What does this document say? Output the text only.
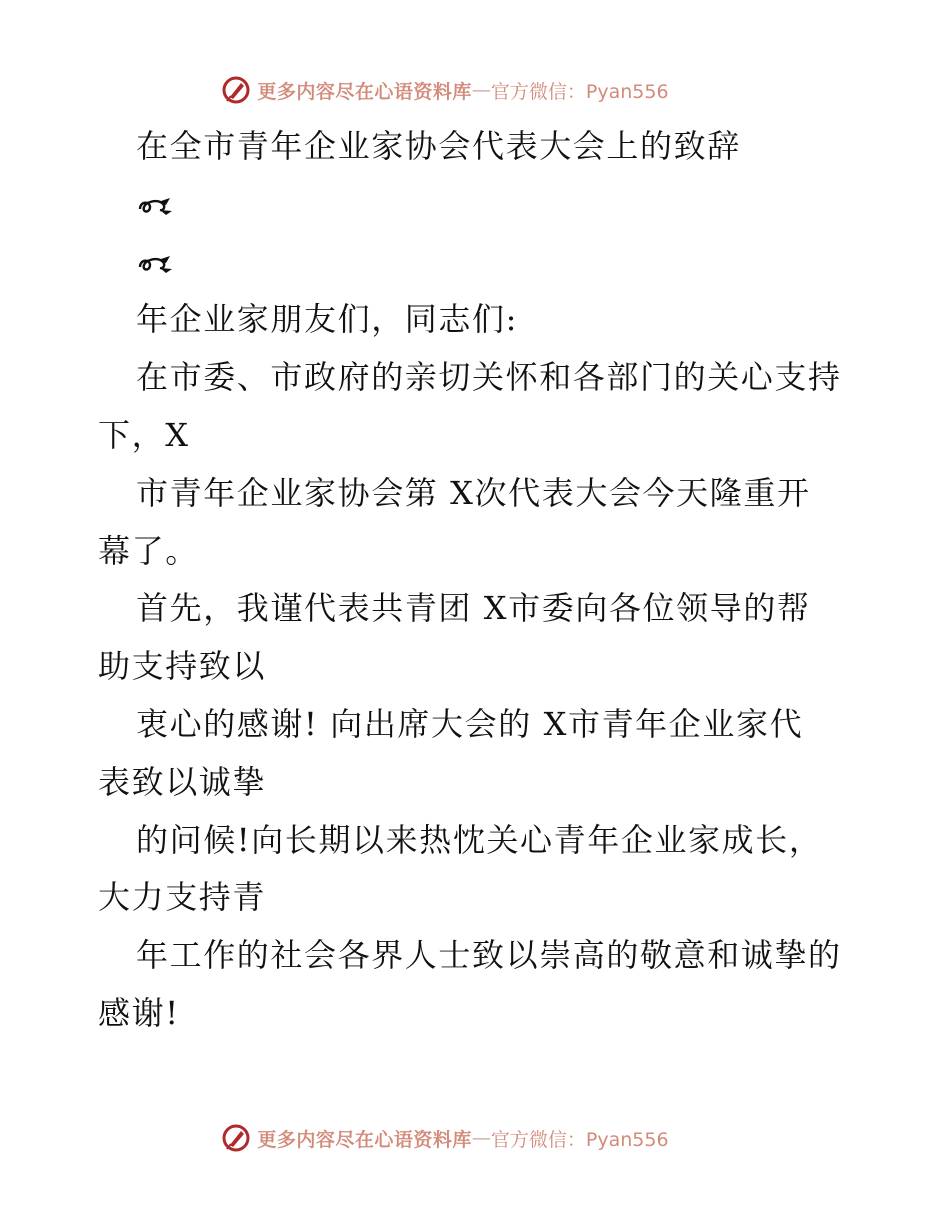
更多内容尽在心语资料库 — 官方微信：Pyan556
在全市青年企业家协会代表大会上的致辞
年企业家朋友们，同志们:
在市委、市政府的亲切关怀和各部门的关心支持
下，X
市青年企业家协会第 X次代表大会今天隆重开
幕了。
首先，我谨代表共青团 X市委向各位领导的帮
助支持致以
衷心的感谢! 向出席大会的 X市青年企业家代
表致以诚挚
的问候!向长期以来热忱关心青年企业家成长，
大力支持青
年工作的社会各界人士致以崇高的敬意和诚挚的
感谢!
更多内容尽在心语资料库 — 官方微信：Pyan556
